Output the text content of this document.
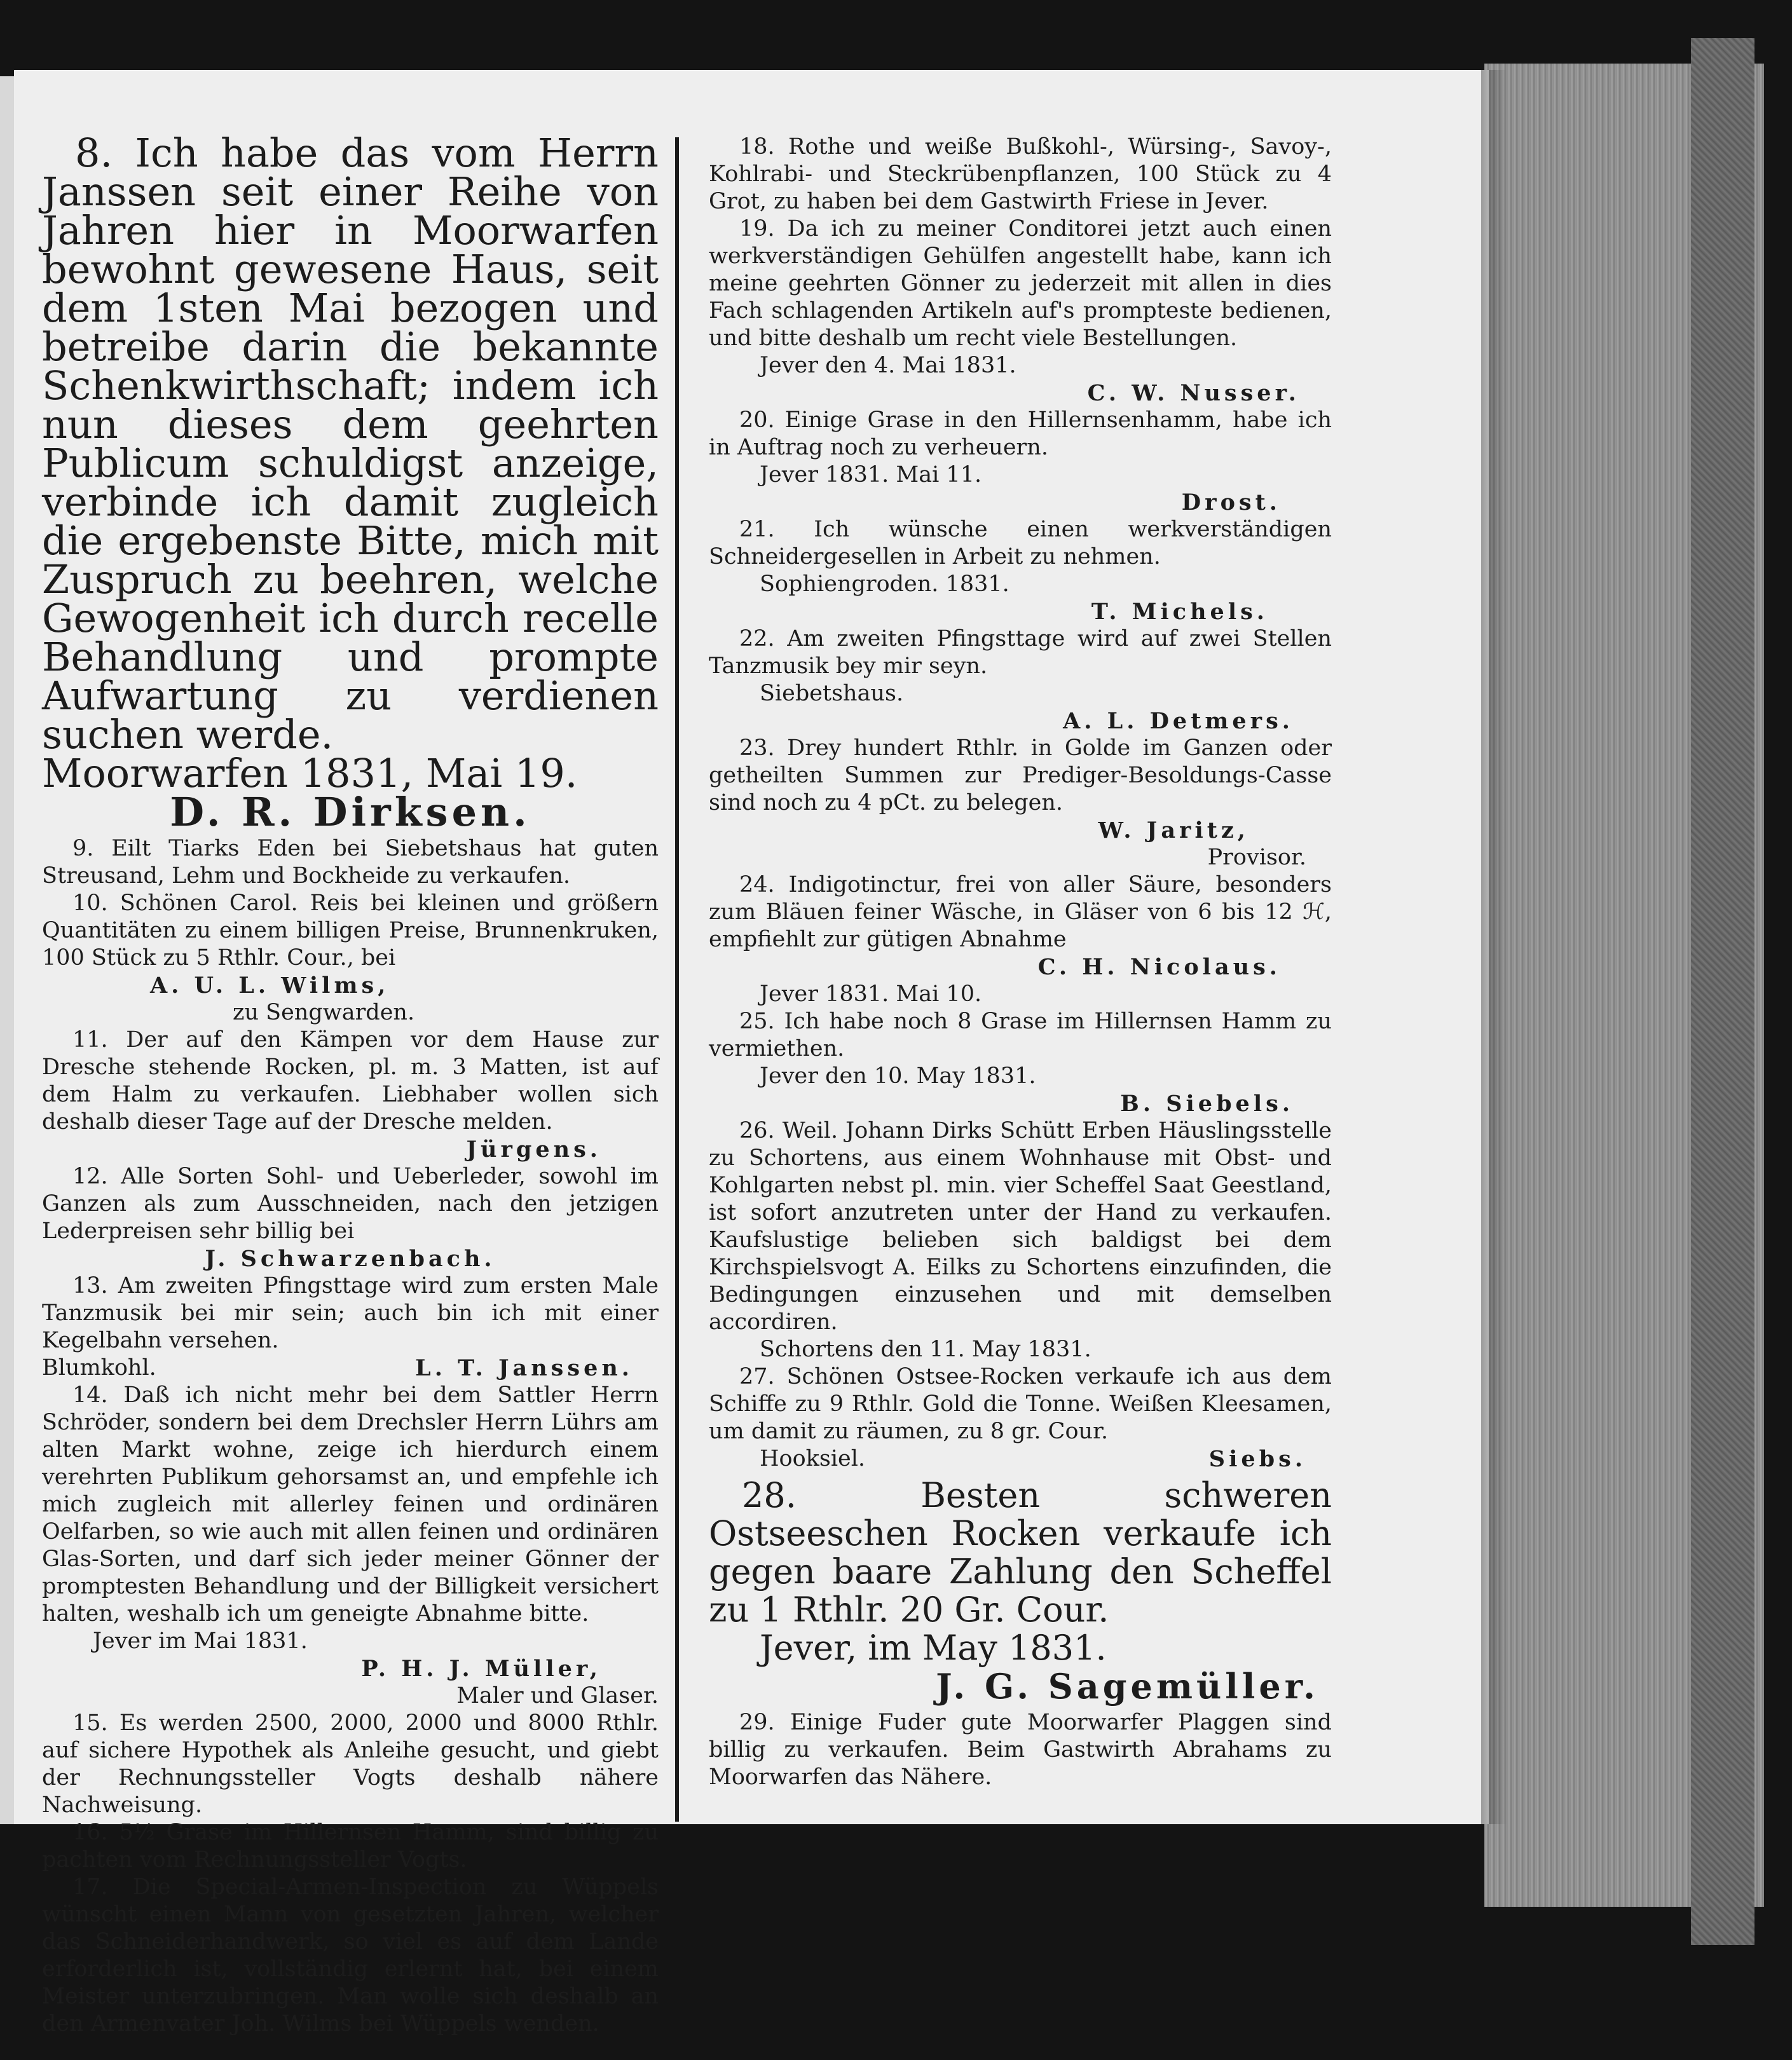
8. Ich habe das vom Herrn Janssen seit einer Reihe von Jahren hier in Moorwarfen bewohnt gewesene Haus, seit dem 1sten Mai bezogen und betreibe darin die bekannte Schenkwirthschaft; indem ich nun dieses dem geehrten Publicum schuldigst anzeige, verbinde ich damit zugleich die ergebenste Bitte, mich mit Zuspruch zu beehren, welche Gewogenheit ich durch recelle Behandlung und prompte Aufwartung zu verdienen suchen werde.

Moorwarfen 1831, Mai 19.

D. R. Dirksen.

9. Eilt Tiarks Eden bei Siebetshaus hat guten Streusand, Lehm und Bockheide zu verkaufen.

10. Schönen Carol. Reis bei kleinen und größern Quantitäten zu einem billigen Preise, Brunnenkruken, 100 Stück zu 5 Rthlr. Cour., bei

A. U. L. Wilms,

zu Sengwarden.

11. Der auf den Kämpen vor dem Hause zur Dresche stehende Rocken, pl. m. 3 Matten, ist auf dem Halm zu verkaufen. Liebhaber wollen sich deshalb dieser Tage auf der Dresche melden.

Jürgens.

12. Alle Sorten Sohl- und Ueberleder, sowohl im Ganzen als zum Ausschneiden, nach den jetzigen Lederpreisen sehr billig bei

J. Schwarzenbach.

13. Am zweiten Pfingsttage wird zum ersten Male Tanzmusik bei mir sein; auch bin ich mit einer Kegelbahn versehen.

Blumkohl.	L. T. Janssen.

14. Daß ich nicht mehr bei dem Sattler Herrn Schröder, sondern bei dem Drechsler Herrn Lührs am alten Markt wohne, zeige ich hierdurch einem verehrten Publikum gehorsamst an, und empfehle ich mich zugleich mit allerley feinen und ordinären Oelfarben, so wie auch mit allen feinen und ordinären Glas-Sorten, und darf sich jeder meiner Gönner der promptesten Behandlung und der Billigkeit versichert halten, weshalb ich um geneigte Abnahme bitte.

Jever im Mai 1831.

P. H. J. Müller,

Maler und Glaser.

15. Es werden 2500, 2000, 2000 und 8000 Rthlr. auf sichere Hypothek als Anleihe gesucht, und giebt der Rechnungssteller Vogts deshalb nähere Nachweisung.

16. 5½ Grase im Hillernsen Hamm, sind billig zu pachten vom Rechnungssteller Vogts.

17. Die Special-Armen-Inspection zu Wüppels wünscht einen Mann von gesetzten Jahren, welcher das Schneiderhandwerk, so viel es auf dem Lande erforderlich ist, vollständig erlernt hat, bei einem Meister unterzubringen. Man wolle sich deshalb an den Armenvater Joh. Wilms bei Wüppels wenden.

18. Rothe und weiße Bußkohl-, Würsing-, Savoy-, Kohlrabi- und Steckrübenpflanzen, 100 Stück zu 4 Grot, zu haben bei dem Gastwirth Friese in Jever.

19. Da ich zu meiner Conditorei jetzt auch einen werkverständigen Gehülfen angestellt habe, kann ich meine geehrten Gönner zu jederzeit mit allen in dies Fach schlagenden Artikeln auf's prompteste bedienen, und bitte deshalb um recht viele Bestellungen.

Jever den 4. Mai 1831.

C. W. Nusser.

20. Einige Grase in den Hillernsenhamm, habe ich in Auftrag noch zu verheuern.

Jever 1831. Mai 11.

Drost.

21. Ich wünsche einen werkverständigen Schneidergesellen in Arbeit zu nehmen.

Sophiengroden. 1831.

T. Michels.

22. Am zweiten Pfingsttage wird auf zwei Stellen Tanzmusik bey mir seyn.

Siebetshaus.

A. L. Detmers.

23. Drey hundert Rthlr. in Golde im Ganzen oder getheilten Summen zur Prediger-Besoldungs-Casse sind noch zu 4 pCt. zu belegen.

W. Jaritz,

Provisor.

24. Indigotinctur, frei von aller Säure, besonders zum Bläuen feiner Wäsche, in Gläser von 6 bis 12 ℋ, empfiehlt zur gütigen Abnahme

C. H. Nicolaus.

Jever 1831. Mai 10.

25. Ich habe noch 8 Grase im Hillernsen Hamm zu vermiethen.

Jever den 10. May 1831.

B. Siebels.

26. Weil. Johann Dirks Schütt Erben Häuslingsstelle zu Schortens, aus einem Wohnhause mit Obst- und Kohlgarten nebst pl. min. vier Scheffel Saat Geestland, ist sofort anzutreten unter der Hand zu verkaufen. Kaufslustige belieben sich baldigst bei dem Kirchspielsvogt A. Eilks zu Schortens einzufinden, die Bedingungen einzusehen und mit demselben accordiren.

Schortens den 11. May 1831.

27. Schönen Ostsee-Rocken verkaufe ich aus dem Schiffe zu 9 Rthlr. Gold die Tonne. Weißen Kleesamen, um damit zu räumen, zu 8 gr. Cour.

Hooksiel.	Siebs.

28. Besten schweren Ostseeschen Rocken verkaufe ich gegen baare Zahlung den Scheffel zu 1 Rthlr. 20 Gr. Cour.

Jever, im May 1831.

J. G. Sagemüller.

29. Einige Fuder gute Moorwarfer Plaggen sind billig zu verkaufen. Beim Gastwirth Abrahams zu Moorwarfen das Nähere.
